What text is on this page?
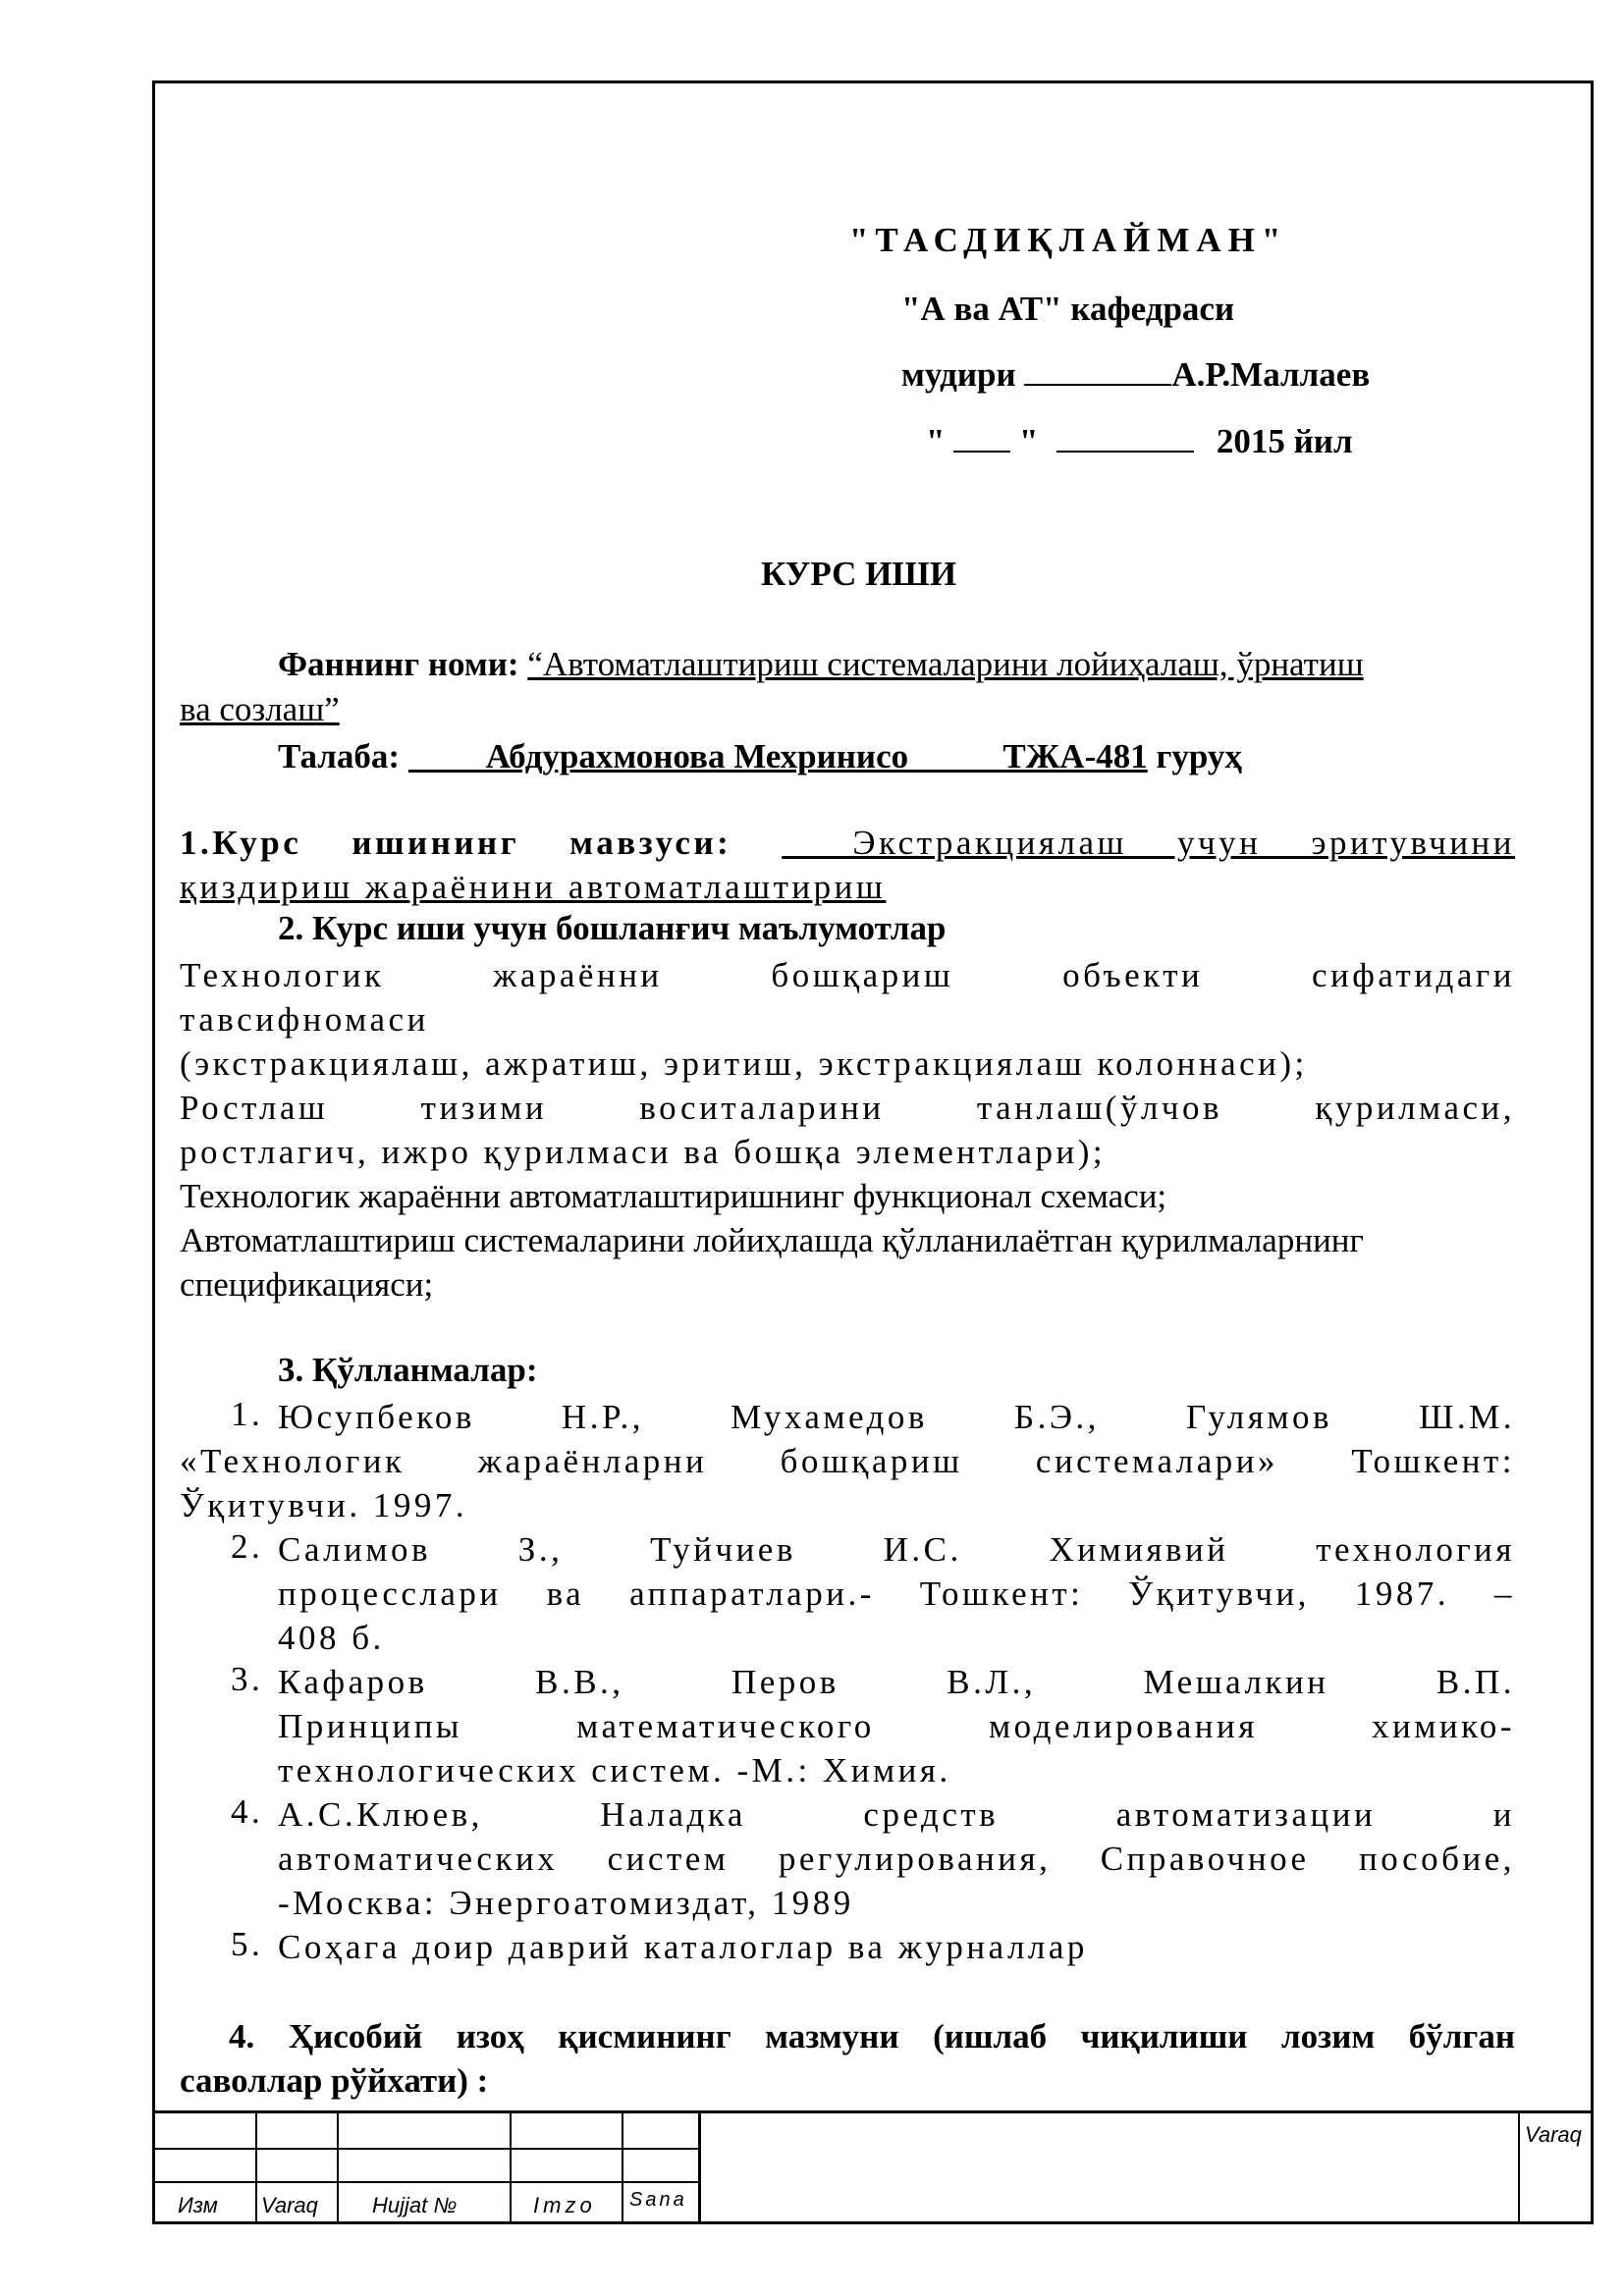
"ТАСДИҚЛАЙМАН"
"А ва АТ" кафедраси
мудири	А.Р.Маллаев
" "	2015 йил
КУРС ИШИ
Фаннинг номи: “Автоматлаштириш системаларини лойиҳалаш, ўрнатиш
ва созлаш”
Талаба:	Абдурахмонова Мехринисо	ТЖА-481 гуруҳ
1.Курс ишининг мавзуси: _ Экстракциялаш учун эритувчини
қиздириш жараёнини автоматлаштириш
2. Курс иши учун бошланғич маълумотлар
Технологик жараённи бошқариш объекти сифатидаги
тавсифномаси
(экстракциялаш, ажратиш, эритиш, экстракциялаш колоннаси);
Ростлаш тизими воситаларини танлаш(ўлчов қурилмаси,
ростлагич, ижро қурилмаси ва бошқа элементлари);
Технологик жараённи автоматлаштиришнинг функционал схемаси;
Автоматлаштириш системаларини лойиҳлашда қўлланилаётган қурилмаларнинг
спецификацияси;
3. Қўлланмалар:
1. Юсупбеков Н.Р., Мухамедов Б.Э., Гулямов Ш.М.
«Технологик жараёнларни бошқариш системалари» Тошкент:
Ўқитувчи. 1997.
2. Салимов З., Туйчиев И.С. Химиявий технология
процесслари ва аппаратлари.- Тошкент: Ўқитувчи, 1987. –
408 б.
3. Кафаров В.В., Перов В.Л., Мешалкин В.П.
Принципы математического моделирования химико-
технологических систем. -М.: Химия.
4. А.С.Клюев, Наладка средств автоматизации и
автоматических систем регулирования, Справочное пособие,
-Москва: Энергоатомиздат, 1989
5. Соҳага доир даврий каталоглар ва журналлар
4. Ҳисобий изоҳ қисмининг мазмуни (ишлаб чиқилиши лозим бўлган
саволлар рўйхати) :
Изм Varaq	Hujjat №	Imzo Sana
Varaq
